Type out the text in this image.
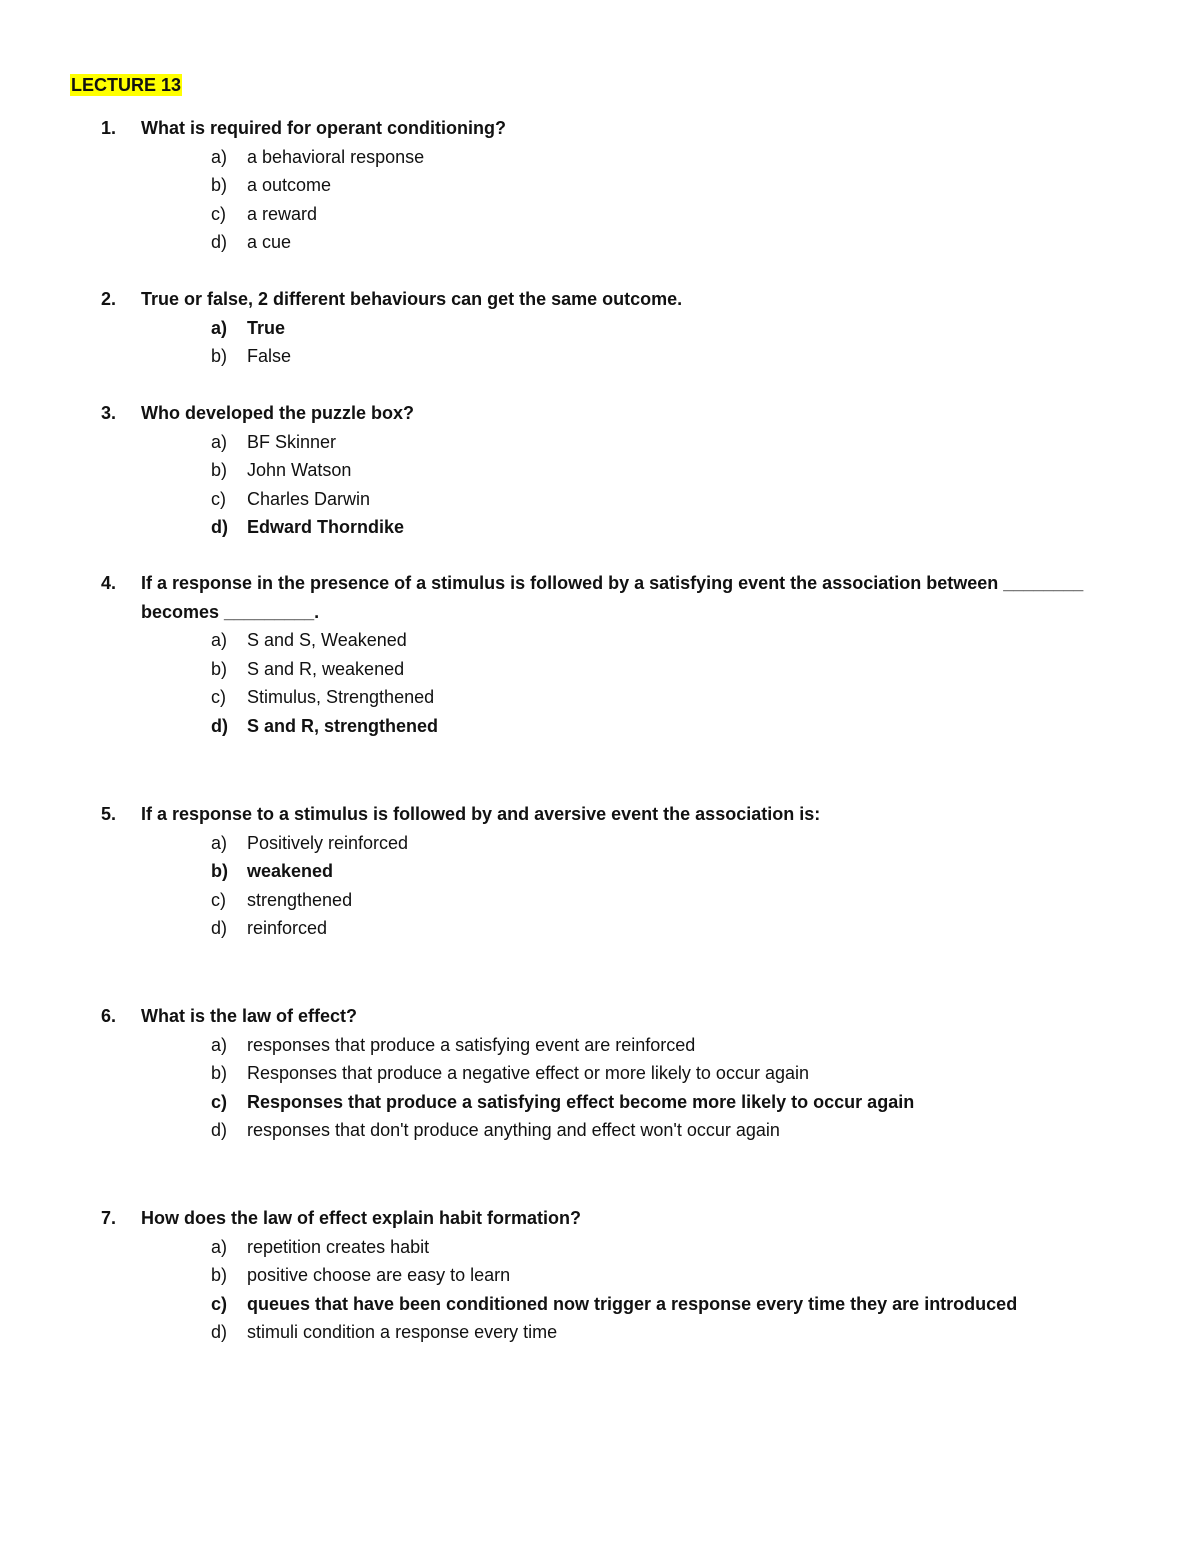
LECTURE 13
1.	What is required for operant conditioning?
a)	a behavioral response
b)	a outcome
c)	a reward
d)	a cue
2.	True or false, 2 different behaviours can get the same outcome.
a)	True
b)	False
3.	Who developed the puzzle box?
a)	BF Skinner
b)	John Watson
c)	Charles Darwin
d)	Edward Thorndike
4.	If a response in the presence of a stimulus is followed by a satisfying event the association between ________ becomes _________.
a)	S and S, Weakened
b)	S and R, weakened
c)	Stimulus, Strengthened
d)	S and R, strengthened
5.	If a response to a stimulus is followed by and aversive event the association is:
a)	Positively reinforced
b)	weakened
c)	strengthened
d)	reinforced
6.	What is the law of effect?
a)	responses that produce a satisfying event are reinforced
b)	Responses that produce a negative effect or more likely to occur again
c)	Responses that produce a satisfying effect become more likely to occur again
d)	responses that don't produce anything and effect won't occur again
7.	How does the law of effect explain habit formation?
a)	repetition creates habit
b)	positive choose are easy to learn
c)	queues that have been conditioned now trigger a response every time they are introduced
d)	stimuli condition a response every time
